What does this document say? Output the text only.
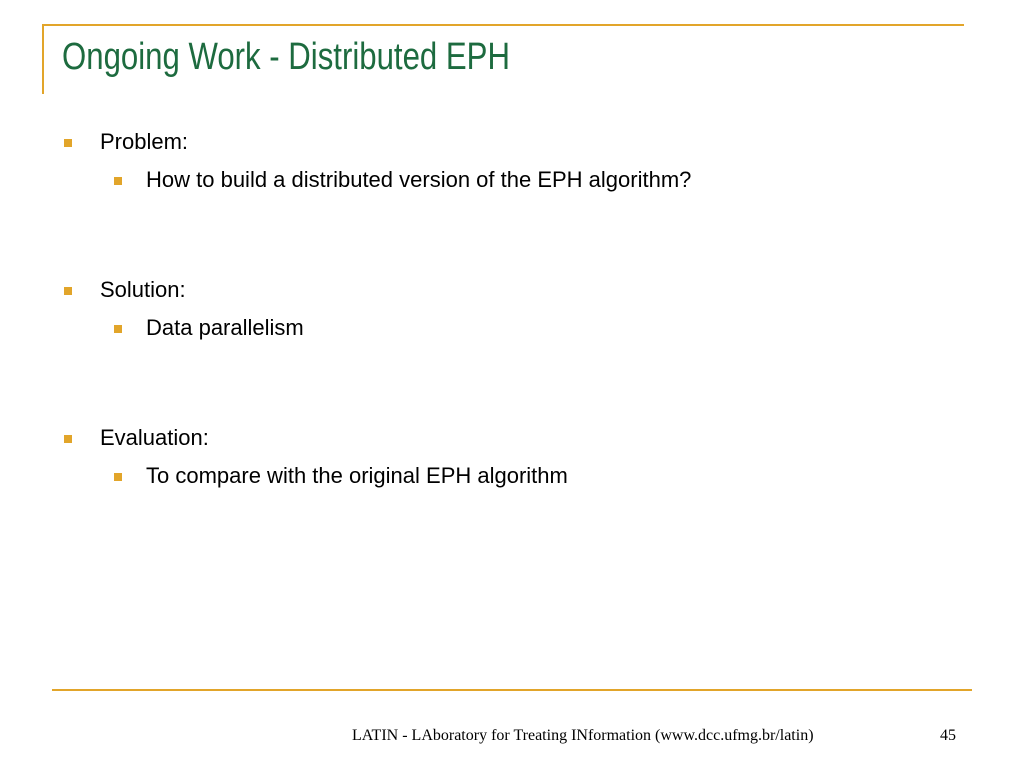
Ongoing Work - Distributed EPH
Problem:
How to build a distributed version of the EPH algorithm?
Solution:
Data parallelism
Evaluation:
To compare with the original EPH algorithm
LATIN - LAboratory for Treating INformation (www.dcc.ufmg.br/latin)	45
